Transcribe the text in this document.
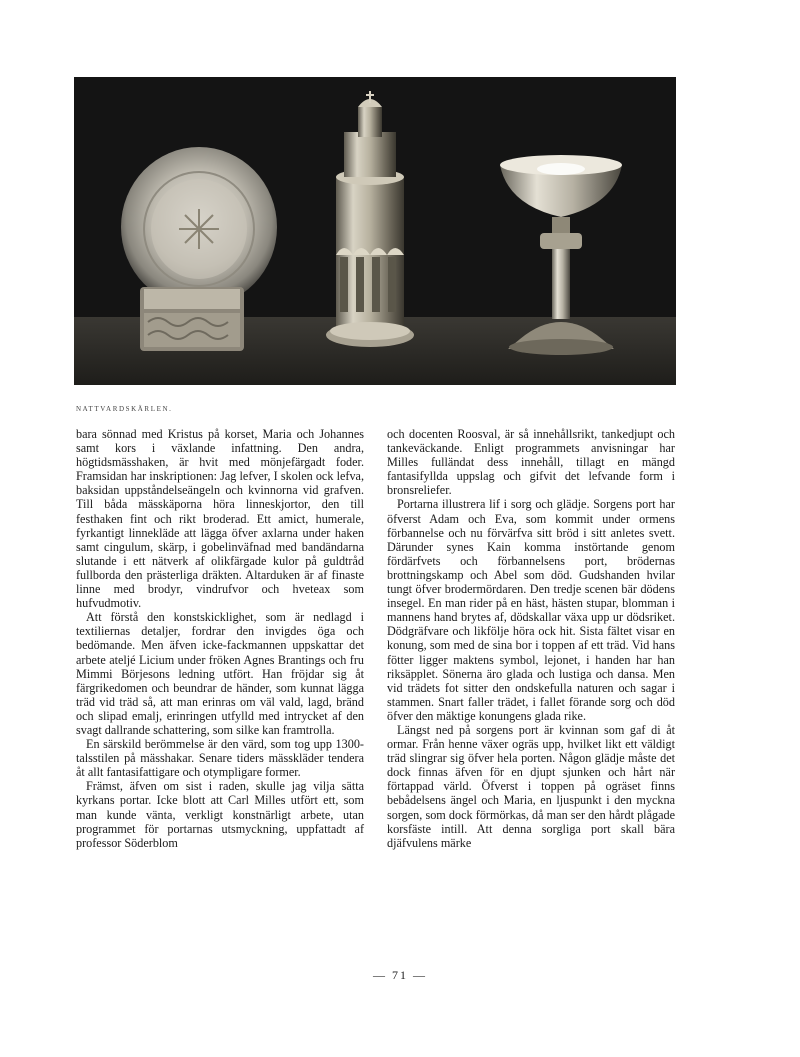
NATTVARDSKÄRLEN.

bara sönnad med Kristus på korset, Maria och Johannes samt kors i växlande infattning. Den andra, högtidsmässhaken, är hvit med mönjefärgadt foder. Framsidan har inskriptionen: Jag lefver, I skolen ock lefva, baksidan uppståndelseängeln och kvinnorna vid grafven. Till båda mässkäporna höra linneskjortor, den till festhaken fint och rikt broderad. Ett amict, humerale, fyrkantigt linnekläde att lägga öfver axlarna under haken samt cingulum, skärp, i gobelinväfnad med bandändarna slutande i ett nätverk af olikfärgade kulor på guldtråd fullborda den prästerliga dräkten. Altarduken är af finaste linne med brodyr, vindrufvor och hveteax som hufvudmotiv.

Att förstå den konstskicklighet, som är nedlagd i textiliernas detaljer, fordrar den invigdes öga och bedömande. Men äfven icke-fackmannen uppskattar det arbete ateljé Licium under fröken Agnes Brantings och fru Mimmi Börjesons ledning utfört. Han fröjdar sig åt färgrikedomen och beundrar de händer, som kunnat lägga träd vid träd så, att man erinras om väl vald, lagd, bränd och slipad emalj, erinringen utfylld med intrycket af den svagt dallrande schattering, som silke kan framtrolla.

En särskild berömmelse är den värd, som tog upp 1300-talsstilen på mässhakar. Senare tiders mässkläder tendera åt allt fantasifattigare och otympligare former.

Främst, äfven om sist i raden, skulle jag vilja sätta kyrkans portar. Icke blott att Carl Milles utfört ett, som man kunde vänta, verkligt konstnärligt arbete, utan programmet för portarnas utsmyckning, uppfattadt af professor Söderblom

och docenten Roosval, är så innehållsrikt, tankedjupt och tankeväckande. Enligt programmets anvisningar har Milles fulländat dess innehåll, tillagt en mängd fantasifyllda uppslag och gifvit det lefvande form i bronsreliefer.

Portarna illustrera lif i sorg och glädje. Sorgens port har öfverst Adam och Eva, som kommit under ormens förbannelse och nu förvärfva sitt bröd i sitt anletes svett. Därunder synes Kain komma instörtande genom fördärfvets och förbannelsens port, brödernas brottningskamp och Abel som död. Gudshanden hvilar tungt öfver brodermördaren. Den tredje scenen bär dödens insegel. En man rider på en häst, hästen stupar, blomman i mannens hand brytes af, dödskallar växa upp ur dödsriket. Dödgräfvare och likfölje höra ock hit. Sista fältet visar en konung, som med de sina bor i toppen af ett träd. Vid hans fötter ligger maktens symbol, lejonet, i handen har han riksäpplet. Sönerna äro glada och lustiga och dansa. Men vid trädets fot sitter den ondskefulla naturen och sagar i stammen. Snart faller trädet, i fallet förande sorg och död öfver den mäktige konungens glada rike.

Längst ned på sorgens port är kvinnan som gaf di åt ormar. Från henne växer ogräs upp, hvilket likt ett väldigt träd slingrar sig öfver hela porten. Någon glädje måste det dock finnas äfven för en djupt sjunken och hårt när förtappad värld. Öfverst i toppen på ogräset finns bebådelsens ängel och Maria, en ljuspunkt i den myckna sorgen, som dock förmörkas, då man ser den hårdt plågade korsfäste intill. Att denna sorgliga port skall bära djäfvulens märke

— 71 —
